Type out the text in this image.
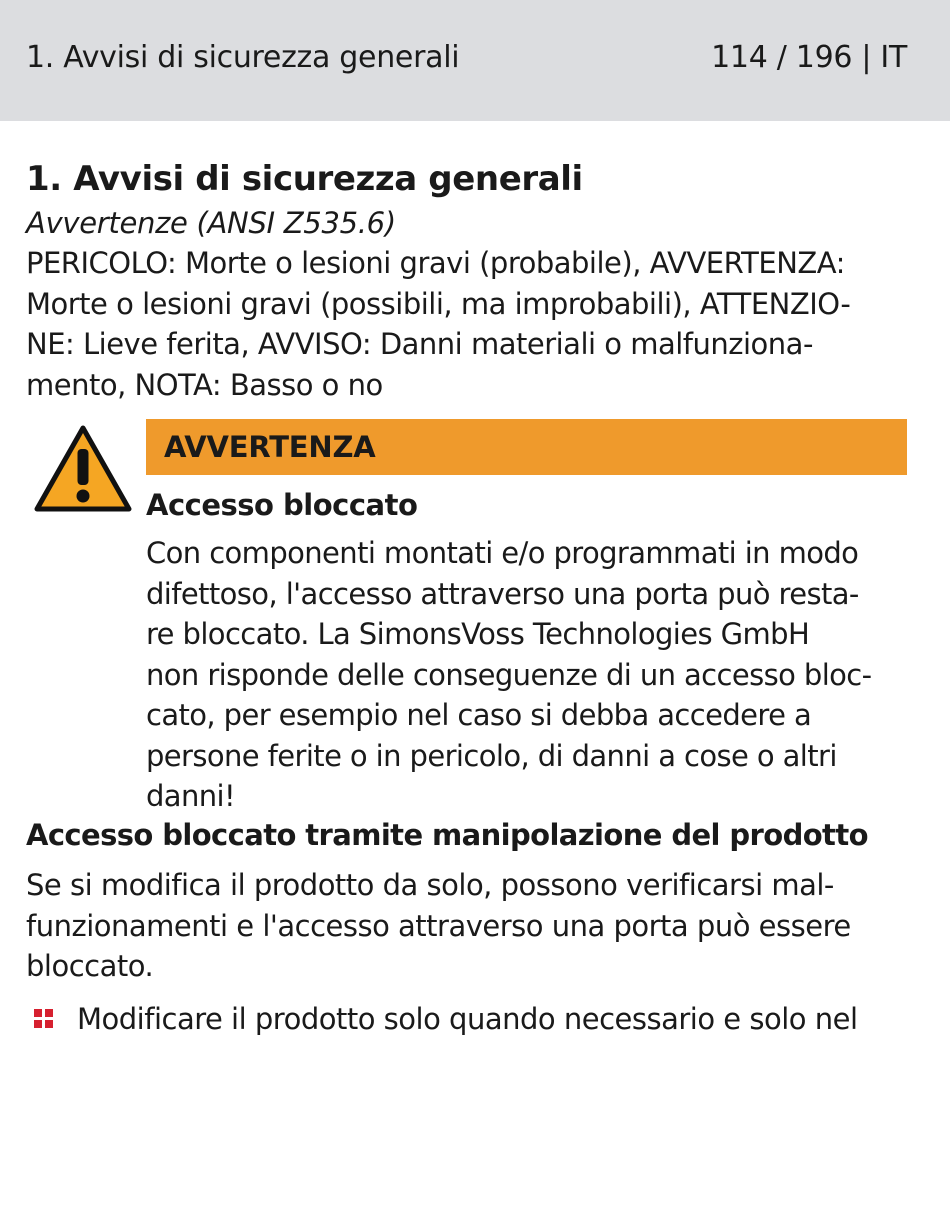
1. Avvisi di sicurezza generali	114 / 196 | IT
1. Avvisi di sicurezza generali

Avvertenze (ANSI Z535.6)

PERICOLO: Morte o lesioni gravi (probabile), AVVERTENZA:
Morte o lesioni gravi (possibili, ma improbabili), ATTENZIO-
NE: Lieve ferita, AVVISO: Danni materiali o malfunziona-
mento, NOTA: Basso o no
AVVERTENZA

Accesso bloccato

Con componenti montati e/o programmati in modo
difettoso, l'accesso attraverso una porta può resta-
re bloccato. La SimonsVoss Technologies GmbH
non risponde delle conseguenze di un accesso bloc-
cato, per esempio nel caso si debba accedere a
persone ferite o in pericolo, di danni a cose o altri
danni!

Accesso bloccato tramite manipolazione del prodotto

Se si modifica il prodotto da solo, possono verificarsi mal-
funzionamenti e l'accesso attraverso una porta può essere
bloccato.
Modificare il prodotto solo quando necessario e solo nel
